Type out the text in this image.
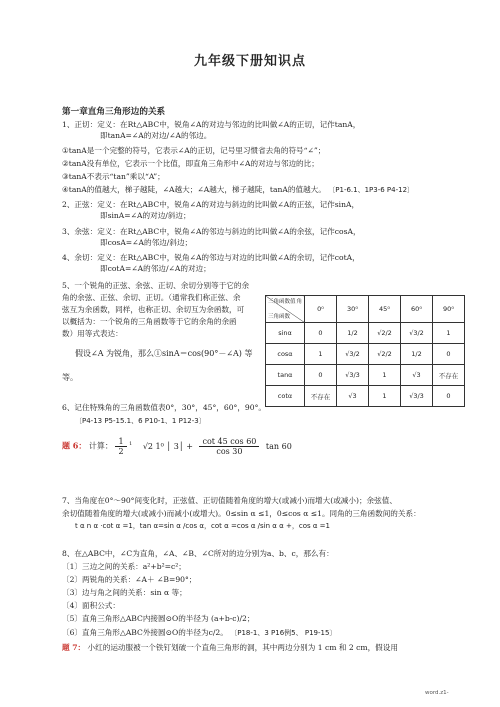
九年级下册知识点
第一章直角三角形边的关系
1、正切：定义：在Rt△ABC中，锐角∠A的对边与邻边的比叫做∠A的正切，记作tanA，
即tanA=∠A的对边/∠A的邻边。
①tanA是一个完整的符号，它表示∠A的正切，记号里习惯省去角的符号“∠”；
②tanA没有单位，它表示一个比值，即直角三角形中∠A的对边与邻边的比；
③tanA不表示“tan”乘以“A”；
④tanA的值越大，梯子越陡，∠A越大；∠A越大，梯子越陡，tanA的值越大。 〔P1-6.1、1P3-6 P4-12〕
2、正弦：定义：在Rt△ABC中，锐角∠A的对边与斜边的比叫做∠A的正弦，记作sinA，
即sinA=∠A的对边/斜边；
3、余弦：定义：在Rt△ABC中，锐角∠A的邻边与斜边的比叫做∠A的余弦，记作cosA，
即cosA=∠A的邻边/斜边；
4、余切：定义：在Rt△ABC中，锐角∠A的邻边与对边的比叫做∠A的余切，记作cotA，
即cotA=∠A的邻边/∠A的对边；
5、一个锐角的正弦、余弦、正切、余切分别等于它的余
角的余弦、正弦、余切、正切。（通常我们称正弦、余
弦互为余函数，同样，也称正切、余切互为余函数，可
以概括为：一个锐角的三角函数等于它的余角的余函
数）用等式表达：
假设∠A 为锐角，那么①sinA＝cos(90°－∠A) 等
等。
三角函数值 角
三角函数	0⁰	30⁰	45⁰	60⁰	90⁰
sinα	0	1/2	√2/2	√3/2	1
cosα	1	√3/2	√2/2	1/2	0
tanα	0	√3/3	1	√3	不存在
cotα	不存在	√3	1	√3/3	0
6、记住特殊角的三角函数值表0°，30°，45°，60°，90°。
〔P4-13 P5-15.1、6 P10-1、1 P12-3〕
题 6： 计算： $\frac{1}{2} ^1$ √2 1⁰ │ 3│ + $\frac{\cot 45 \cos 60}{\cos 30}$ tan 60
7、当角度在0°～90°间变化时，正弦值、正切值随着角度的增大(或减小)而增大(或减小)；余弦值、
余切值随着角度的增大(或减小)而减小(或增大)。0≤sin α ≤1，0≤cos α ≤1。同角的三角函数间的关系：
t α n α ·cot α =1，tan α=sin α /cos α，cot α =cos α /sin α α +，cos α =1
8、在△ABC中，∠C为直角，∠A、∠B、∠C所对的边分别为a、b、c，那么有：
〔1〕三边之间的关系：a²+b²=c²；
〔2〕两锐角的关系：∠A＋ ∠B=90°；
〔3〕边与角之间的关系：sin α 等；
〔4〕面积公式：
〔5〕直角三角形△ABC内接圆⊙O的半径为 (a+b-c)/2；
〔6〕直角三角形△ABC外接圆⊙O的半径为c/2。 〔P18-1、3 P16例5、 P19-15〕
题 7： 小红的运动服被一个铁钉划破一个直角三角形的洞，其中两边分别为 1 cm 和 2 cm，假设用
word.z1-
